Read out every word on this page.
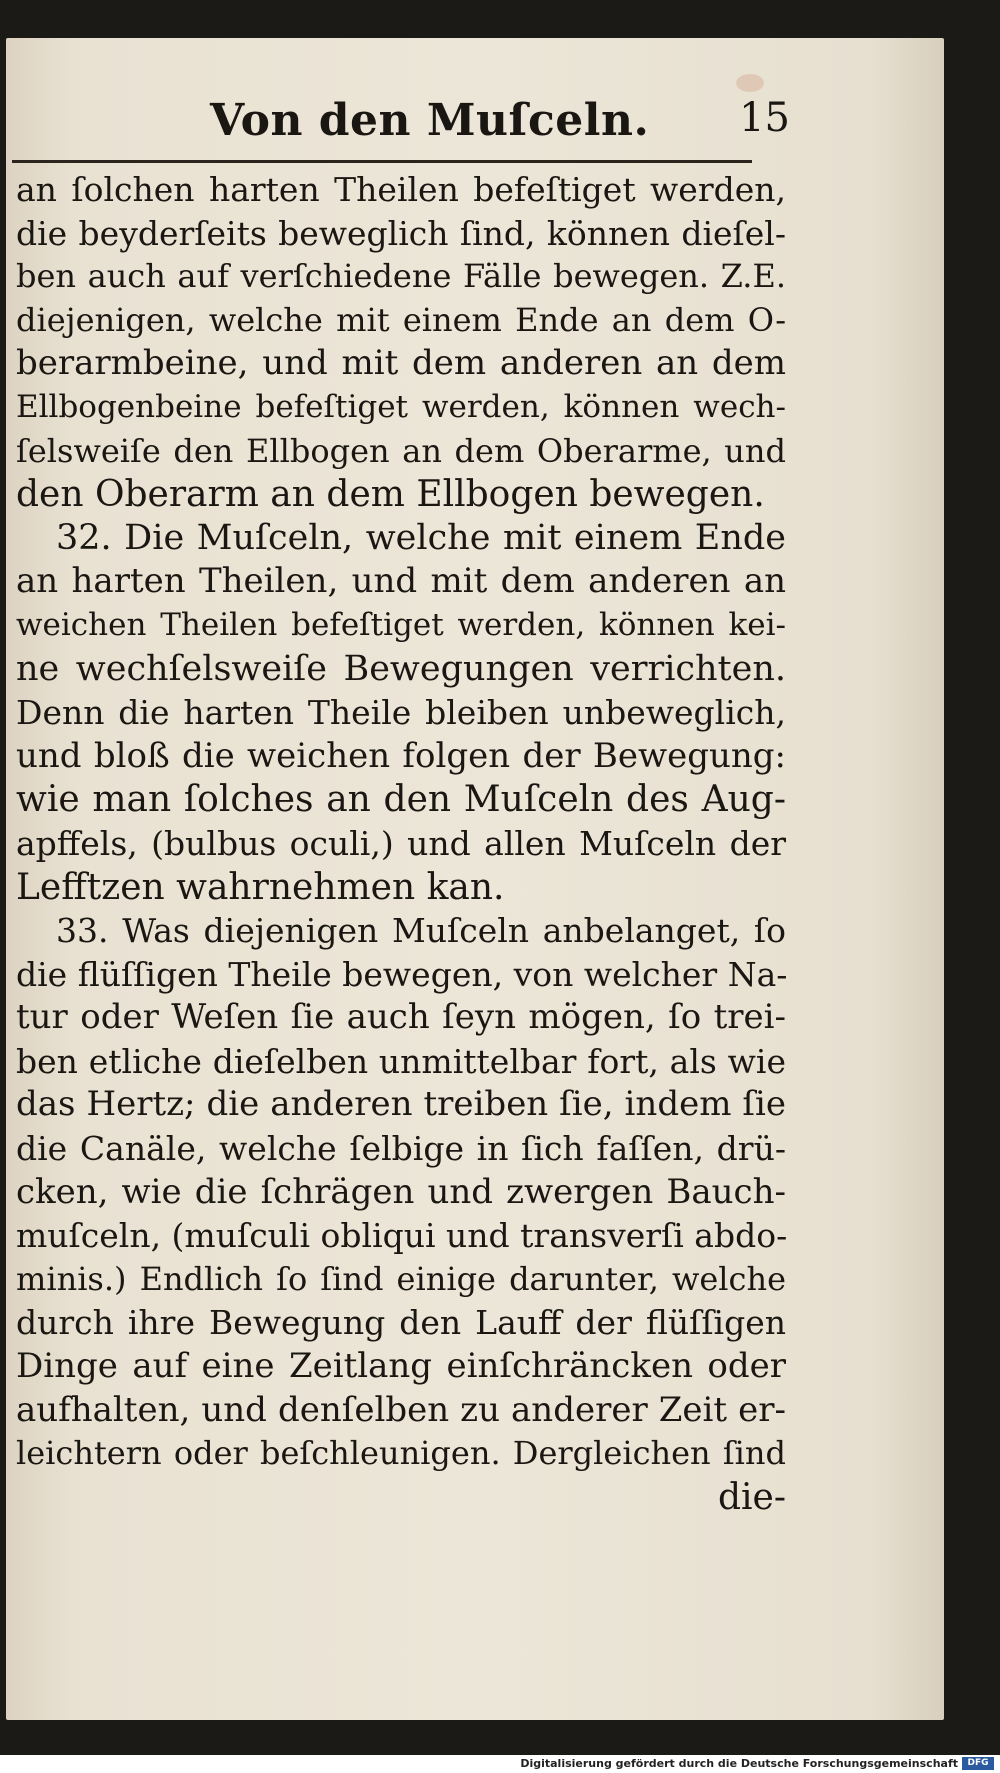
Von den Muſceln. 15
an ſolchen harten Theilen befeſtiget werden,
die beyderſeits beweglich ſind, können dieſel-
ben auch auf verſchiedene Fälle bewegen. Z.E.
diejenigen, welche mit einem Ende an dem O-
berarmbeine, und mit dem anderen an dem
Ellbogenbeine befeſtiget werden, können wech-
ſelsweiſe den Ellbogen an dem Oberarme, und
den Oberarm an dem Ellbogen bewegen.
32. Die Muſceln, welche mit einem Ende
an harten Theilen, und mit dem anderen an
weichen Theilen befeſtiget werden, können kei-
ne wechſelsweiſe Bewegungen verrichten.
Denn die harten Theile bleiben unbeweglich,
und bloß die weichen folgen der Bewegung:
wie man ſolches an den Muſceln des Aug-
apffels, (bulbus oculi,) und allen Muſceln der
Lefftzen wahrnehmen kan.
33. Was diejenigen Muſceln anbelanget, ſo
die flüſſigen Theile bewegen, von welcher Na-
tur oder Weſen ſie auch ſeyn mögen, ſo trei-
ben etliche dieſelben unmittelbar fort, als wie
das Hertz; die anderen treiben ſie, indem ſie
die Canäle, welche ſelbige in ſich faſſen, drü-
cken, wie die ſchrägen und zwergen Bauch-
muſceln, (muſculi obliqui und transverſi abdo-
minis.) Endlich ſo ſind einige darunter, welche
durch ihre Bewegung den Lauff der flüſſigen
Dinge auf eine Zeitlang einſchräncken oder
aufhalten, und denſelben zu anderer Zeit er-
leichtern oder beſchleunigen. Dergleichen ſind
die-
Digitalisierung gefördert durch die Deutsche Forschungsgemeinschaft	DFG
